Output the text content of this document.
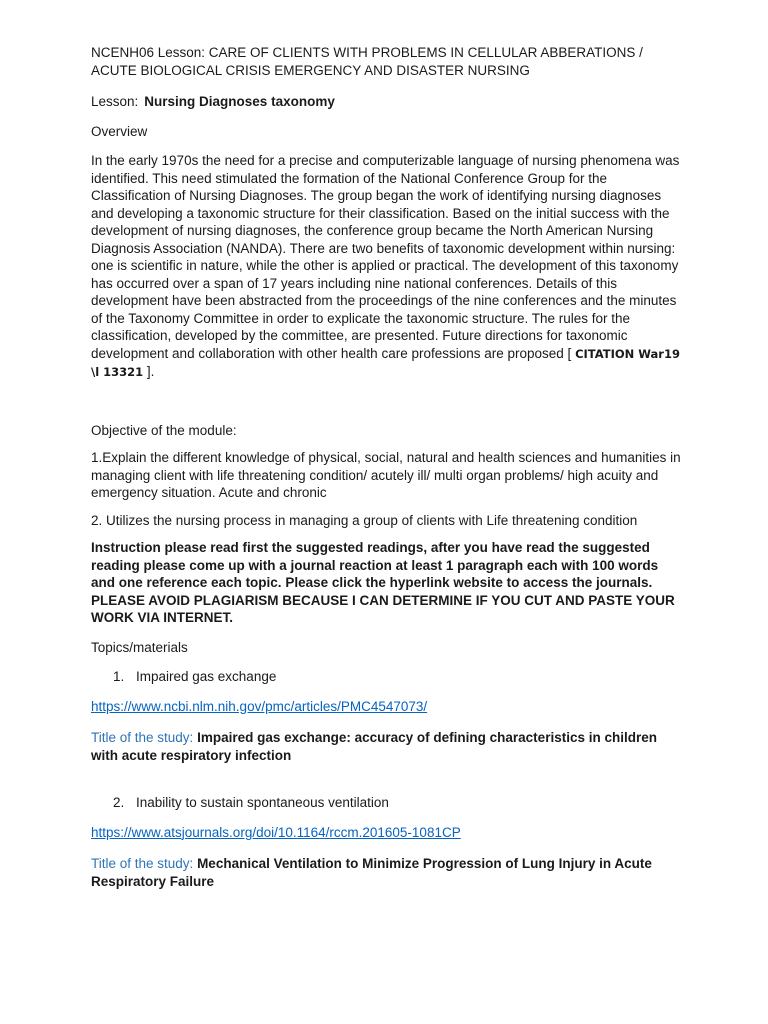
NCENH06 Lesson: CARE OF CLIENTS WITH PROBLEMS IN CELLULAR ABBERATIONS / ACUTE BIOLOGICAL CRISIS EMERGENCY AND DISASTER NURSING

Lesson: Nursing Diagnoses taxonomy

Overview

In the early 1970s the need for a precise and computerizable language of nursing phenomena was identified. This need stimulated the formation of the National Conference Group for the Classification of Nursing Diagnoses. The group began the work of identifying nursing diagnoses and developing a taxonomic structure for their classification. Based on the initial success with the development of nursing diagnoses, the conference group became the North American Nursing Diagnosis Association (NANDA). There are two benefits of taxonomic development within nursing: one is scientific in nature, while the other is applied or practical. The development of this taxonomy has occurred over a span of 17 years including nine national conferences. Details of this development have been abstracted from the proceedings of the nine conferences and the minutes of the Taxonomy Committee in order to explicate the taxonomic structure. The rules for the classification, developed by the committee, are presented. Future directions for taxonomic development and collaboration with other health care professions are proposed [ CITATION War19 \l 13321 ].

Objective of the module:

1.Explain the different knowledge of physical, social, natural and health sciences and humanities in managing client with life threatening condition/ acutely ill/ multi organ problems/ high acuity and emergency situation. Acute and chronic

2. Utilizes the nursing process in managing a group of clients with Life threatening condition

Instruction please read first the suggested readings, after you have read the suggested reading please come up with a journal reaction at least 1 paragraph each with 100 words and one reference each topic. Please click the hyperlink website to access the journals. PLEASE AVOID PLAGIARISM BECAUSE I CAN DETERMINE IF YOU CUT AND PASTE YOUR WORK VIA INTERNET.

Topics/materials

1. Impaired gas exchange

https://www.ncbi.nlm.nih.gov/pmc/articles/PMC4547073/

Title of the study: Impaired gas exchange: accuracy of defining characteristics in children with acute respiratory infection

2. Inability to sustain spontaneous ventilation

https://www.atsjournals.org/doi/10.1164/rccm.201605-1081CP

Title of the study: Mechanical Ventilation to Minimize Progression of Lung Injury in Acute Respiratory Failure
